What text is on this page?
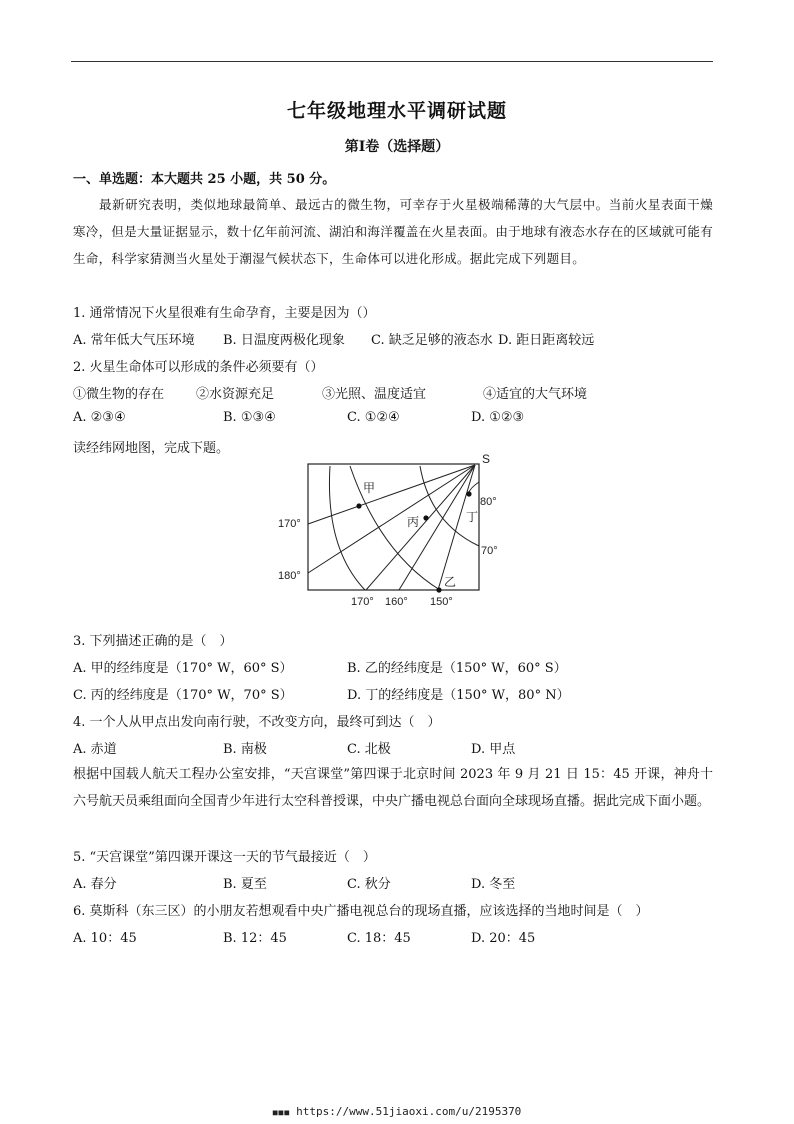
七年级地理水平调研试题
第Ⅰ卷（选择题）
一、单选题：本大题共 25 小题，共 50 分。
最新研究表明，类似地球最简单、最远古的微生物，可幸存于火星极端稀薄的大气层中。当前火星表面干燥寒冷，但是大量证据显示，数十亿年前河流、湖泊和海洋覆盖在火星表面。由于地球有液态水存在的区域就可能有生命，科学家猜测当火星处于潮湿气候状态下，生命体可以进化形成。据此完成下列题目。
1. 通常情况下火星很难有生命孕育，主要是因为（）
A. 常年低大气压环境 B. 日温度两极化现象 C. 缺乏足够的液态水 D. 距日距离较远
2. 火星生命体可以形成的条件必须要有（）
①微生物的存在 ②水资源充足	③光照、温度适宜	④适宜的大气环境
A. ②③④	B. ①③④	C. ①②④	D. ①②③
读经纬网地图，完成下题。
S
80°
70°
170°
180°
170° 160° 150°
甲
丙	丁
乙
3. 下列描述正确的是（　）
A. 甲的经纬度是（170° W，60° S）	B. 乙的经纬度是（150° W，60° S）
C. 丙的经纬度是（170° W，70° S）	D. 丁的经纬度是（150° W，80° N）
4. 一个人从甲点出发向南行驶，不改变方向，最终可到达（　）
A. 赤道	B. 南极	C. 北极	D. 甲点
根据中国载人航天工程办公室安排，“天宫课堂”第四课于北京时间 2023 年 9 月 21 日 15：45 开课，神舟十六号航天员乘组面向全国青少年进行太空科普授课，中央广播电视总台面向全球现场直播。据此完成下面小题。
5. “天宫课堂”第四课开课这一天的节气最接近（　）
A. 春分	B. 夏至	C. 秋分	D. 冬至
6. 莫斯科（东三区）的小朋友若想观看中央广播电视总台的现场直播，应该选择的当地时间是（　）
A. 10：45	B. 12：45	C. 18：45	D. 20：45
■■■ https://www.51jiaoxi.com/u/2195370
